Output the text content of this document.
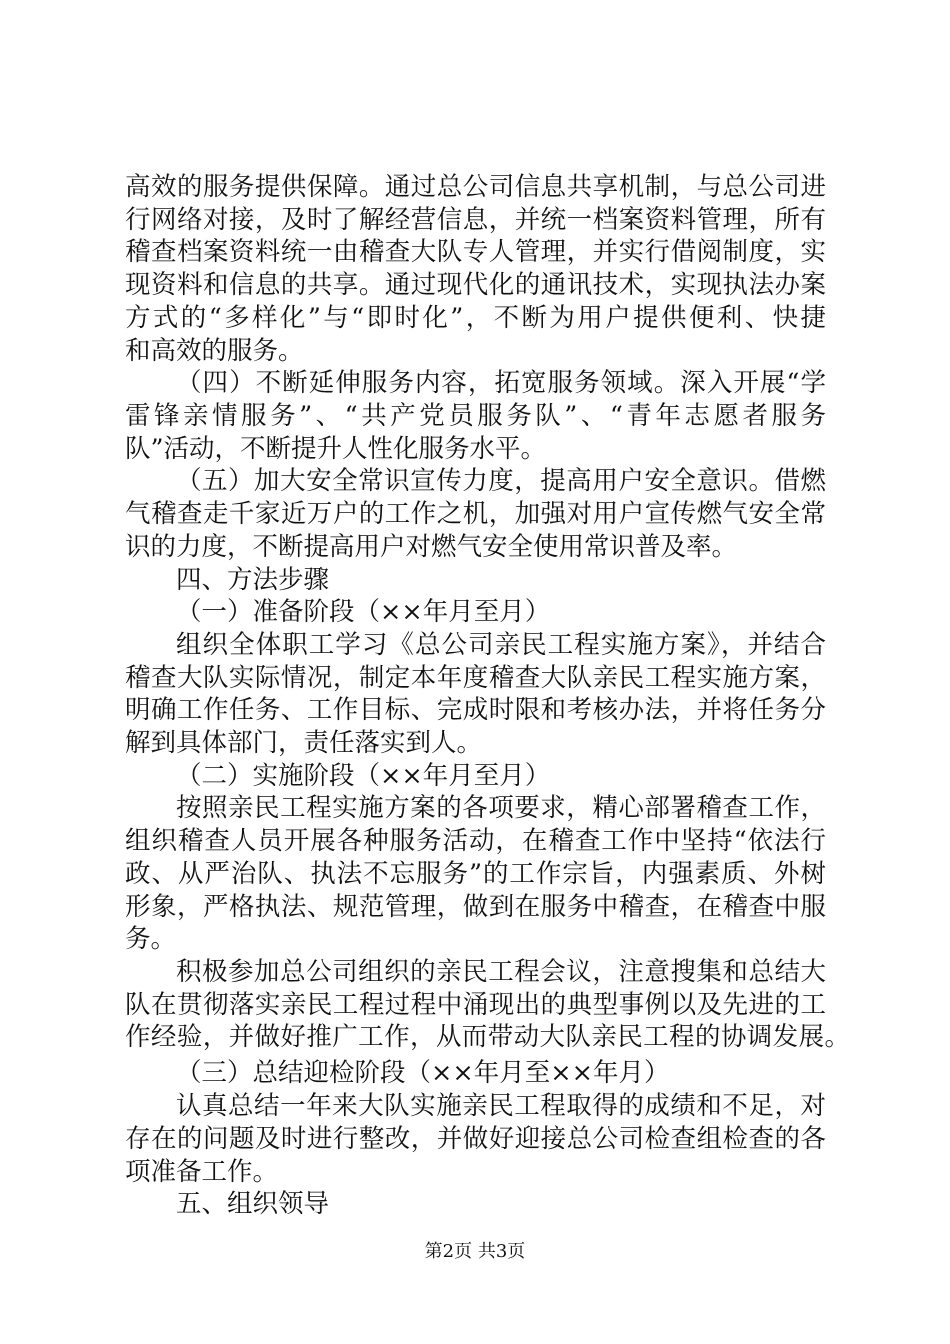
高效的服务提供保障。通过总公司信息共享机制，与总公司进
行网络对接，及时了解经营信息，并统一档案资料管理，所有
稽查档案资料统一由稽查大队专人管理，并实行借阅制度，实
现资料和信息的共享。通过现代化的通讯技术，实现执法办案
方式的“多样化”与“即时化”，不断为用户提供便利、快捷
和高效的服务。
（四）不断延伸服务内容，拓宽服务领域。深入开展“学
雷锋亲情服务”、“共产党员服务队”、“青年志愿者服务
队”活动，不断提升人性化服务水平。
（五）加大安全常识宣传力度，提高用户安全意识。借燃
气稽查走千家近万户的工作之机，加强对用户宣传燃气安全常
识的力度，不断提高用户对燃气安全使用常识普及率。
四、方法步骤
（一）准备阶段（××年月至月）
组织全体职工学习《总公司亲民工程实施方案》，并结合
稽查大队实际情况，制定本年度稽查大队亲民工程实施方案，
明确工作任务、工作目标、完成时限和考核办法，并将任务分
解到具体部门，责任落实到人。
（二）实施阶段（××年月至月）
按照亲民工程实施方案的各项要求，精心部署稽查工作，
组织稽查人员开展各种服务活动，在稽查工作中坚持“依法行
政、从严治队、执法不忘服务”的工作宗旨，内强素质、外树
形象，严格执法、规范管理，做到在服务中稽查，在稽查中服
务。
积极参加总公司组织的亲民工程会议，注意搜集和总结大
队在贯彻落实亲民工程过程中涌现出的典型事例以及先进的工
作经验，并做好推广工作，从而带动大队亲民工程的协调发展。
（三）总结迎检阶段（××年月至××年月）
认真总结一年来大队实施亲民工程取得的成绩和不足，对
存在的问题及时进行整改，并做好迎接总公司检查组检查的各
项准备工作。
五、组织领导
第2页 共3页
